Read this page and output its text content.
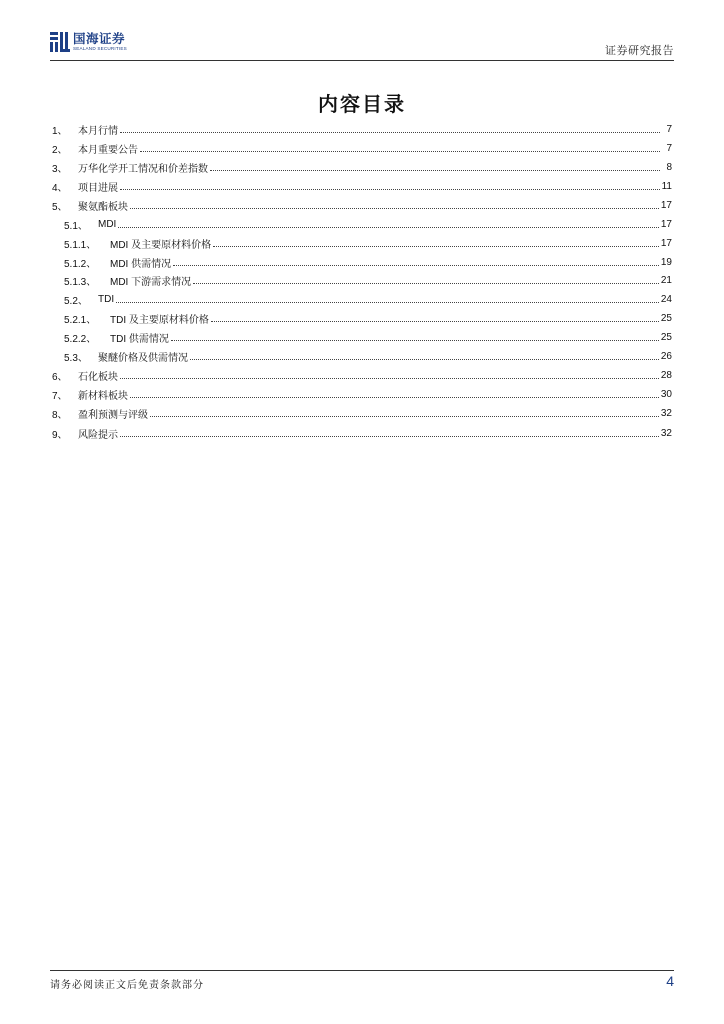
国海证券
SEALAND SECURITIES	证券研究报告
内容目录
1、	本月行情	7
2、	本月重要公告	7
3、	万华化学开工情况和价差指数	8
4、	项目进展	11
5、	聚氨酯板块	17
5.1、	MDI	17
5.1.1、	MDI 及主要原材料价格	17
5.1.2、	MDI 供需情况	19
5.1.3、	MDI 下游需求情况	21
5.2、	TDI	24
5.2.1、	TDI 及主要原材料价格	25
5.2.2、	TDI 供需情况	25
5.3、	聚醚价格及供需情况	26
6、	石化板块	28
7、	新材料板块	30
8、	盈利预测与评级	32
9、	风险提示	32
请务必阅读正文后免责条款部分	4
